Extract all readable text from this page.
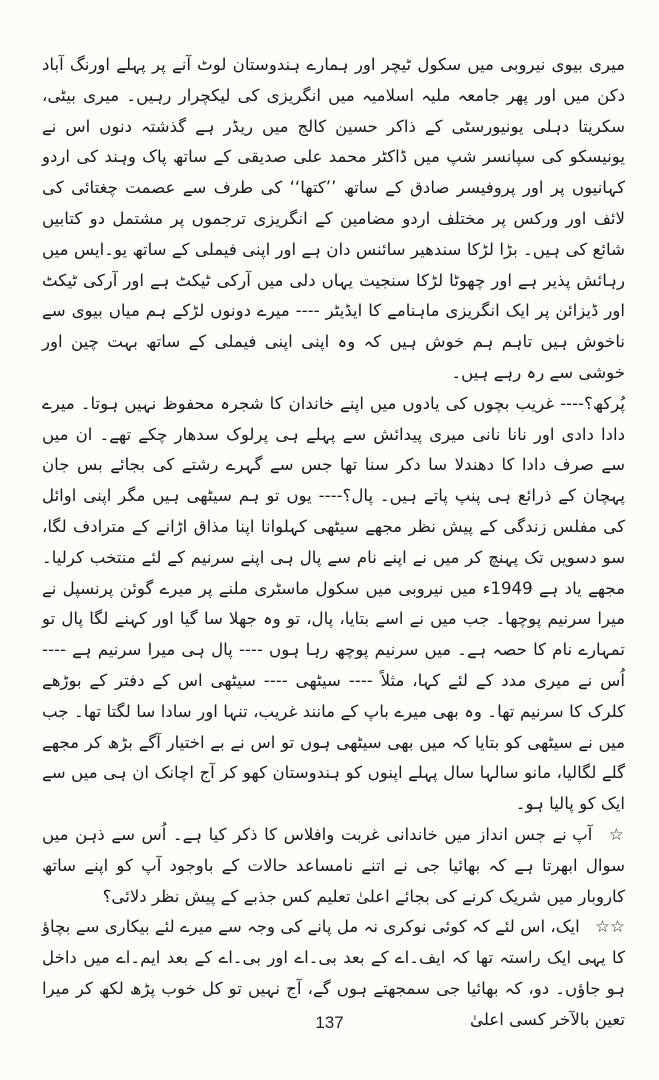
میری بیوی نیروبی میں سکول ٹیچر اور ہمارے ہندوستان لوٹ آنے پر پہلے اورنگ آباد دکن میں اور پھر جامعہ ملیہ اسلامیہ میں انگریزی کی لیکچرار رہیں۔ میری بیٹی، سکریتا دہلی یونیورسٹی کے ذاکر حسین کالج میں ریڈر ہے گذشتہ دنوں اس نے یونیسکو کی سپانسر شپ میں ڈاکٹر محمد علی صدیقی کے ساتھ پاک وہند کی اردو کہانیوں پر اور پروفیسر صادق کے ساتھ ’’کتھا‘‘ کی طرف سے عصمت چغتائی کی لائف اور ورکس پر مختلف اردو مضامین کے انگریزی ترجموں پر مشتمل دو کتابیں شائع کی ہیں۔ بڑا لڑکا سندھیر سائنس دان ہے اور اپنی فیملی کے ساتھ یو۔ایس میں رہائش پذیر ہے اور چھوٹا لڑکا سنجیت یہاں دلی میں آرکی ٹیکٹ ہے اور آرکی ٹیکٹ اور ڈیزائن پر ایک انگریزی ماہنامے کا ایڈیٹر ---- میرے دونوں لڑکے ہم میاں بیوی سے ناخوش ہیں تاہم ہم خوش ہیں کہ وہ اپنی اپنی فیملی کے ساتھ بہت چین اور خوشی سے رہ رہے ہیں۔

پُرکھ؟---- غریب بچوں کی یادوں میں اپنے خاندان کا شجرہ محفوظ نہیں ہوتا۔ میرے دادا دادی اور نانا نانی میری پیدائش سے پہلے ہی پرلوک سدھار چکے تھے۔ ان میں سے صرف دادا کا دھندلا سا دکر سنا تھا جس سے گہرے رشتے کی بجائے بس جان پہچان کے ذرائع ہی پنپ پاتے ہیں۔ پال؟---- یوں تو ہم سیٹھی ہیں مگر اپنی اوائل کی مفلس زندگی کے پیش نظر مجھے سیٹھی کہلوانا اپنا مذاق اڑانے کے مترادف لگا، سو دسویں تک پہنچ کر میں نے اپنے نام سے پال ہی اپنے سرنیم کے لئے منتخب کرلیا۔ مجھے یاد ہے 1949ء میں نیروبی میں سکول ماسٹری ملنے پر میرے گوئن پرنسپل نے میرا سرنیم پوچھا۔ جب میں نے اسے بتایا، پال، تو وہ جھلا سا گیا اور کہنے لگا پال تو تمہارے نام کا حصہ ہے۔ میں سرنیم پوچھ رہا ہوں ---- پال ہی میرا سرنیم ہے ---- اُس نے میری مدد کے لئے کہا، مثلاً ---- سیٹھی ---- سیٹھی اس کے دفتر کے بوڑھے کلرک کا سرنیم تھا۔ وہ بھی میرے باپ کے مانند غریب، تنہا اور سادا سا لگتا تھا۔ جب میں نے سیٹھی کو بتایا کہ میں بھی سیٹھی ہوں تو اس نے بے اختیار آگے بڑھ کر مجھے گلے لگالیا، مانو سالہا سال پہلے اپنوں کو ہندوستان کھو کر آج اچانک ان ہی میں سے ایک کو پالیا ہو۔

☆ آپ نے جس انداز میں خاندانی غربت وافلاس کا ذکر کیا ہے۔ اُس سے ذہن میں سوال ابھرتا ہے کہ بھائیا جی نے اتنے نامساعد حالات کے باوجود آپ کو اپنے ساتھ کاروبار میں شریک کرنے کی بجائے اعلیٰ تعلیم کس جذبے کے پیش نظر دلائی؟

☆☆ ایک، اس لئے کہ کوئی نوکری نہ مل پانے کی وجہ سے میرے لئے بیکاری سے بچاؤ کا یہی ایک راستہ تھا کہ ایف۔اے کے بعد بی۔اے اور بی۔اے کے بعد ایم۔اے میں داخل ہو جاؤں۔ دو، کہ بھائیا جی سمجھتے ہوں گے، آج نہیں تو کل خوب پڑھ لکھ کر میرا تعین بالآخر کسی اعلیٰ

137
